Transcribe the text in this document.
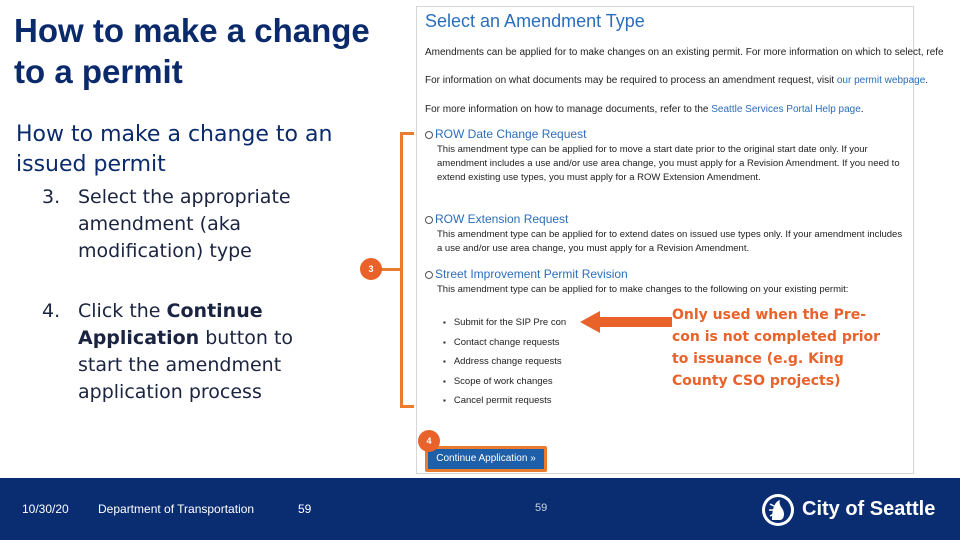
How to make a change to a permit
How to make a change to an issued permit
3. Select the appropriate amendment (aka modification) type
4. Click the Continue Application button to start the amendment application process
Select an Amendment Type
Amendments can be applied for to make changes on an existing permit. For more information on which to select, refe
For information on what documents may be required to process an amendment request, visit our permit webpage.
For more information on how to manage documents, refer to the Seattle Services Portal Help page.
ROW Date Change Request
This amendment type can be applied for to move a start date prior to the original start date only. If your amendment includes a use and/or use area change, you must apply for a Revision Amendment. If you need to extend existing use types, you must apply for a ROW Extension Amendment.
ROW Extension Request
This amendment type can be applied for to extend dates on issued use types only. If your amendment includes a use and/or use area change, you must apply for a Revision Amendment.
Street Improvement Permit Revision
This amendment type can be applied for to make changes to the following on your existing permit:
▪ Submit for the SIP Pre con
▪ Contact change requests
▪ Address change requests
▪ Scope of work changes
▪ Cancel permit requests
Continue Application »
3
4
Only used when the Pre-con is not completed prior to issuance (e.g. King County CSO projects)
10/30/20 Department of Transportation	59	59	City of Seattle
